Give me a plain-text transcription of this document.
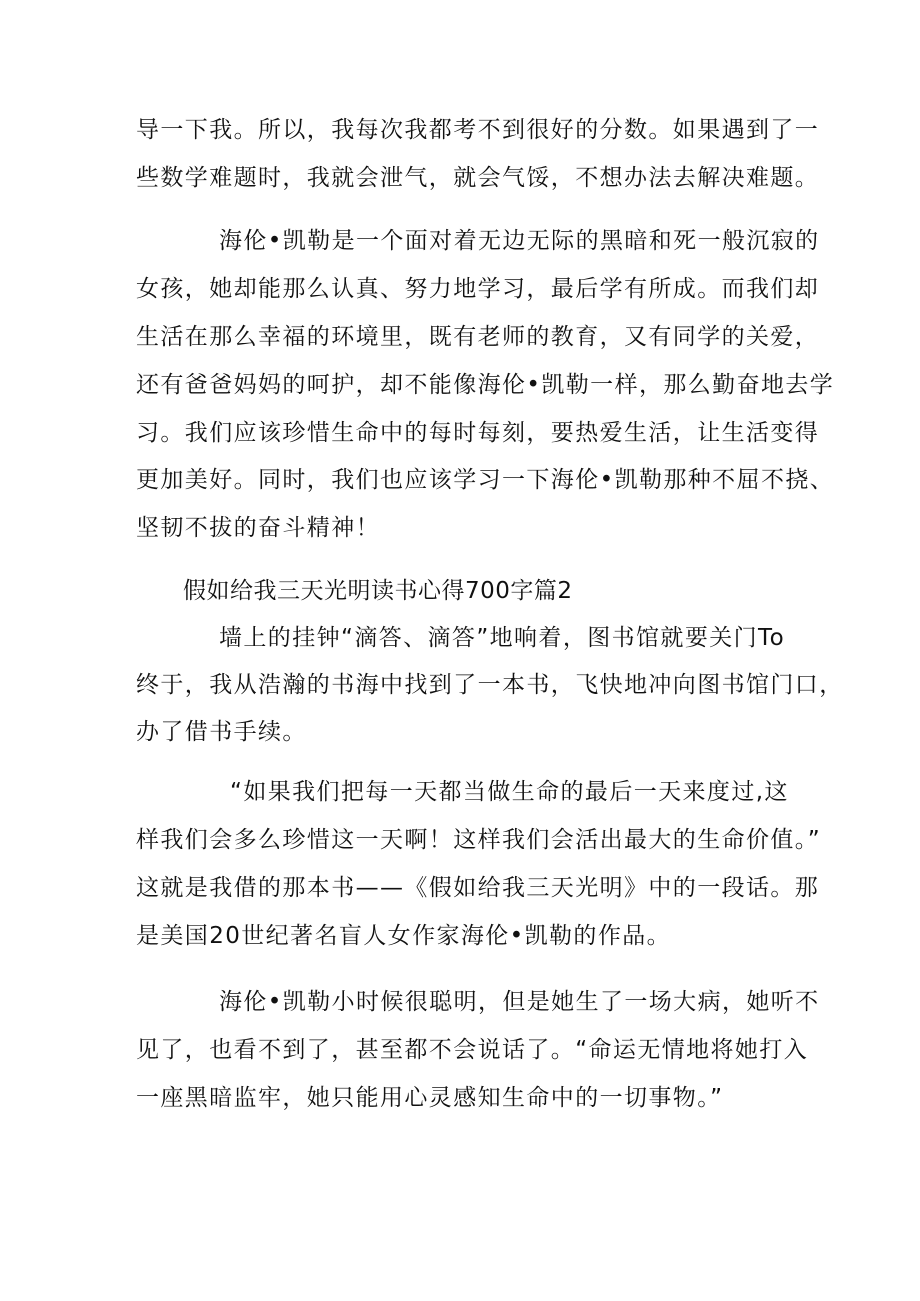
导一下我。所以，我每次我都考不到很好的分数。如果遇到了一
些数学难题时，我就会泄气，就会气馁，不想办法去解决难题。
海伦•凯勒是一个面对着无边无际的黑暗和死一般沉寂的
女孩，她却能那么认真、努力地学习，最后学有所成。而我们却
生活在那么幸福的环境里，既有老师的教育，又有同学的关爱，
还有爸爸妈妈的呵护，却不能像海伦•凯勒一样，那么勤奋地去学
习。我们应该珍惜生命中的每时每刻，要热爱生活，让生活变得
更加美好。同时，我们也应该学习一下海伦•凯勒那种不屈不挠、
坚韧不拔的奋斗精神！
假如给我三天光明读书心得700字篇2
墙上的挂钟“滴答、滴答”地响着，图书馆就要关门To
终于，我从浩瀚的书海中找到了一本书，飞快地冲向图书馆门口，
办了借书手续。
“如果我们把每一天都当做生命的最后一天来度过,这
样我们会多么珍惜这一天啊！这样我们会活出最大的生命价值。”
这就是我借的那本书——《假如给我三天光明》中的一段话。那
是美国20世纪著名盲人女作家海伦•凯勒的作品。
海伦•凯勒小时候很聪明，但是她生了一场大病，她听不
见了，也看不到了，甚至都不会说话了。“命运无情地将她打入
一座黑暗监牢，她只能用心灵感知生命中的一切事物。”
